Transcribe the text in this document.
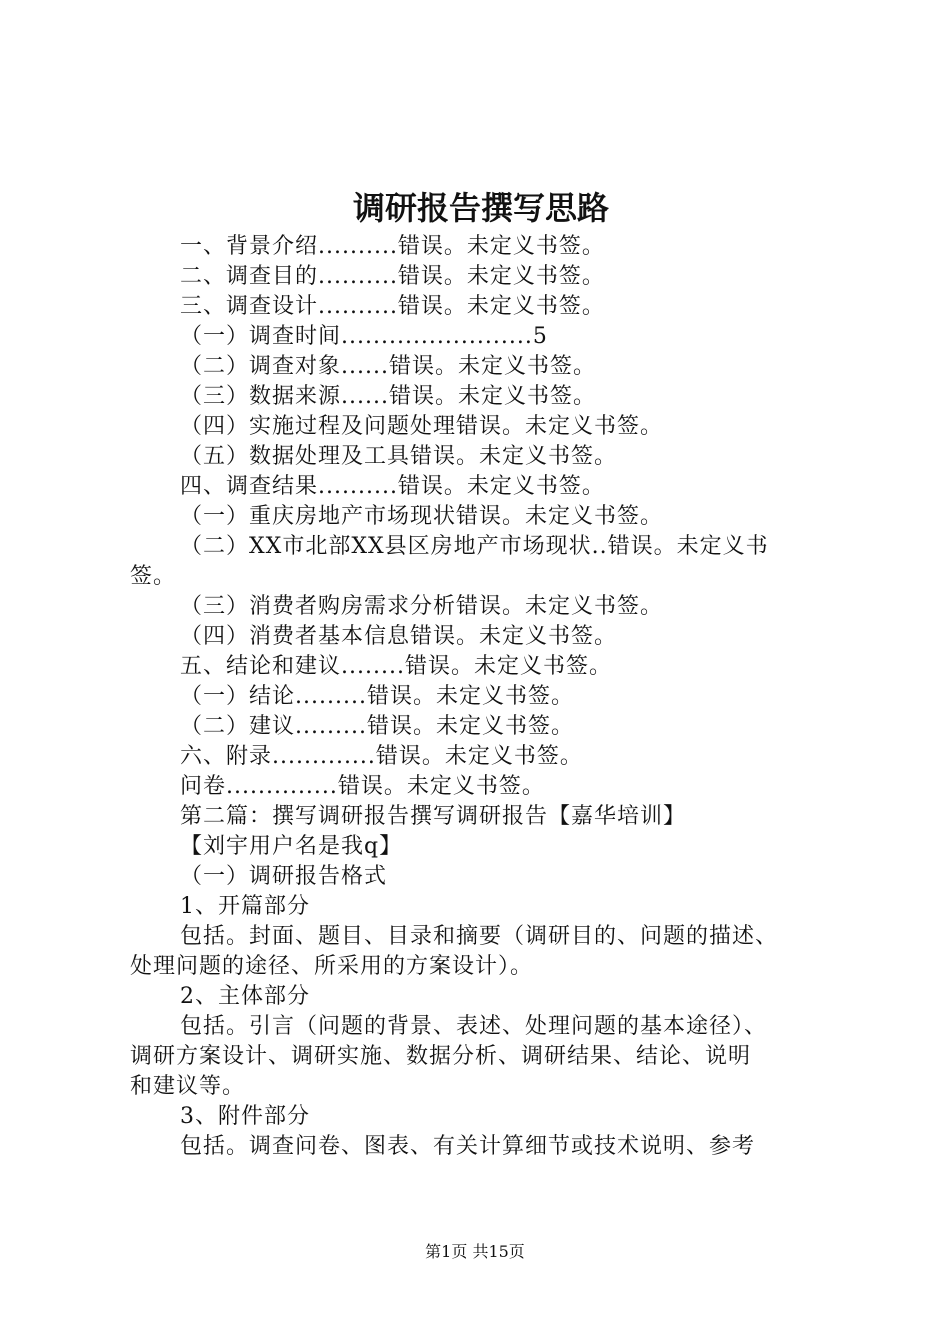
调研报告撰写思路
一、背景介绍..........错误。未定义书签。
二、调查目的..........错误。未定义书签。
三、调查设计..........错误。未定义书签。
（一）调查时间........................5
（二）调查对象......错误。未定义书签。
（三）数据来源......错误。未定义书签。
（四）实施过程及问题处理错误。未定义书签。
（五）数据处理及工具错误。未定义书签。
四、调查结果..........错误。未定义书签。
（一）重庆房地产市场现状错误。未定义书签。
（二）XX市北部XX县区房地产市场现状..错误。未定义书
签。
（三）消费者购房需求分析错误。未定义书签。
（四）消费者基本信息错误。未定义书签。
五、结论和建议........错误。未定义书签。
（一）结论.........错误。未定义书签。
（二）建议.........错误。未定义书签。
六、附录.............错误。未定义书签。
问卷..............错误。未定义书签。
第二篇：撰写调研报告撰写调研报告【嘉华培训】
【刘宇用户名是我q】
（一）调研报告格式
1、开篇部分
包括。封面、题目、目录和摘要（调研目的、问题的描述、
处理问题的途径、所采用的方案设计）。
2、主体部分
包括。引言（问题的背景、表述、处理问题的基本途径）、
调研方案设计、调研实施、数据分析、调研结果、结论、说明
和建议等。
3、附件部分
包括。调查问卷、图表、有关计算细节或技术说明、参考
第1页 共15页
